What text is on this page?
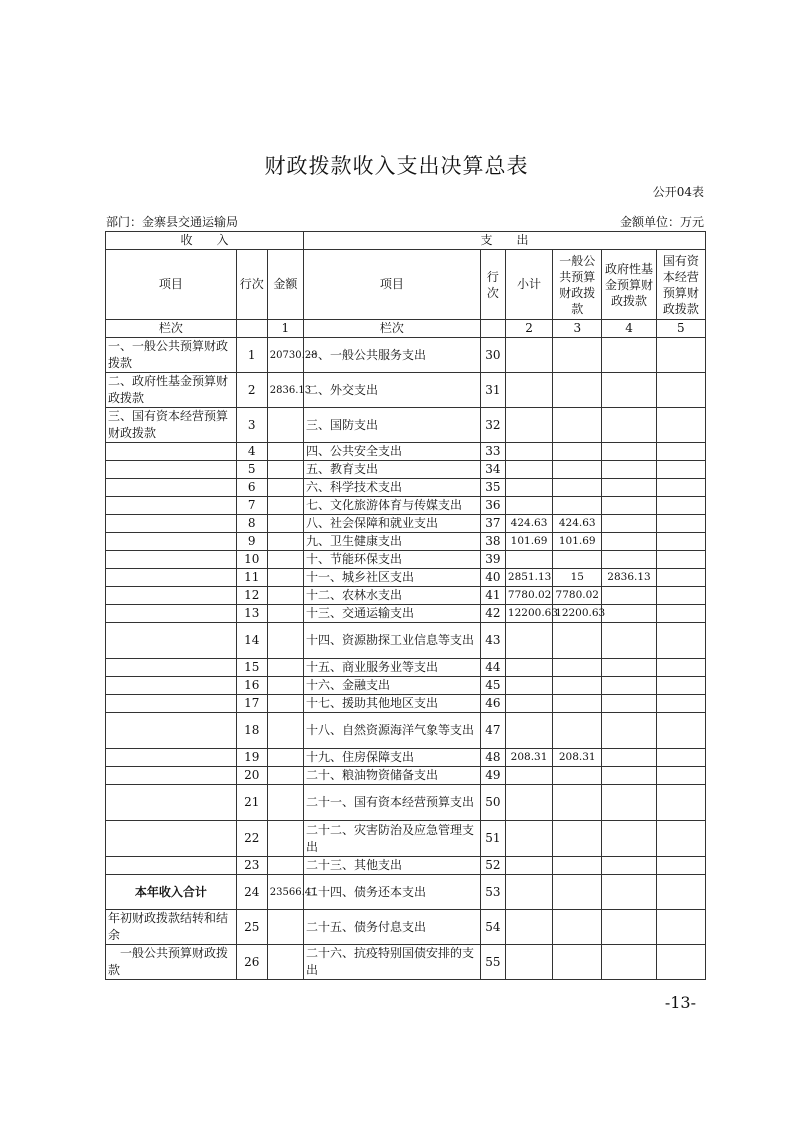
财政拨款收入支出决算总表
公开04表
部门：金寨县交通运输局	金额单位：万元
收　　入			支　　出					
项目	行次	金额	项目	行次	小计	一般公共预算财政拨款	政府性基金预算财政拨款	国有资本经营预算财政拨款
栏次		1	栏次		2	3	4	5
一、一般公共预算财政拨款	1	20730.28	一、一般公共服务支出	30				
二、政府性基金预算财政拨款	2	2836.13	二、外交支出	31				
三、国有资本经营预算财政拨款	3		三、国防支出	32				
	4		四、公共安全支出	33				
	5		五、教育支出	34				
	6		六、科学技术支出	35				
	7		七、文化旅游体育与传媒支出	36				
	8		八、社会保障和就业支出	37	424.63	424.63		
	9		九、卫生健康支出	38	101.69	101.69		
	10		十、节能环保支出	39				
	11		十一、城乡社区支出	40	2851.13	15	2836.13	
	12		十二、农林水支出	41	7780.02	7780.02		
	13		十三、交通运输支出	42	12200.63	12200.63		
	14		十四、资源勘探工业信息等支出	43				
	15		十五、商业服务业等支出	44				
	16		十六、金融支出	45				
	17		十七、援助其他地区支出	46				
	18		十八、自然资源海洋气象等支出	47				
	19		十九、住房保障支出	48	208.31	208.31		
	20		二十、粮油物资储备支出	49				
	21		二十一、国有资本经营预算支出	50				
	22		二十二、灾害防治及应急管理支出	51				
	23		二十三、其他支出	52				
本年收入合计	24	23566.41	二十四、债务还本支出	53				
年初财政拨款结转和结余	25		二十五、债务付息支出	54				
　一般公共预算财政拨款	26		二十六、抗疫特别国债安排的支出	55				
-13-
